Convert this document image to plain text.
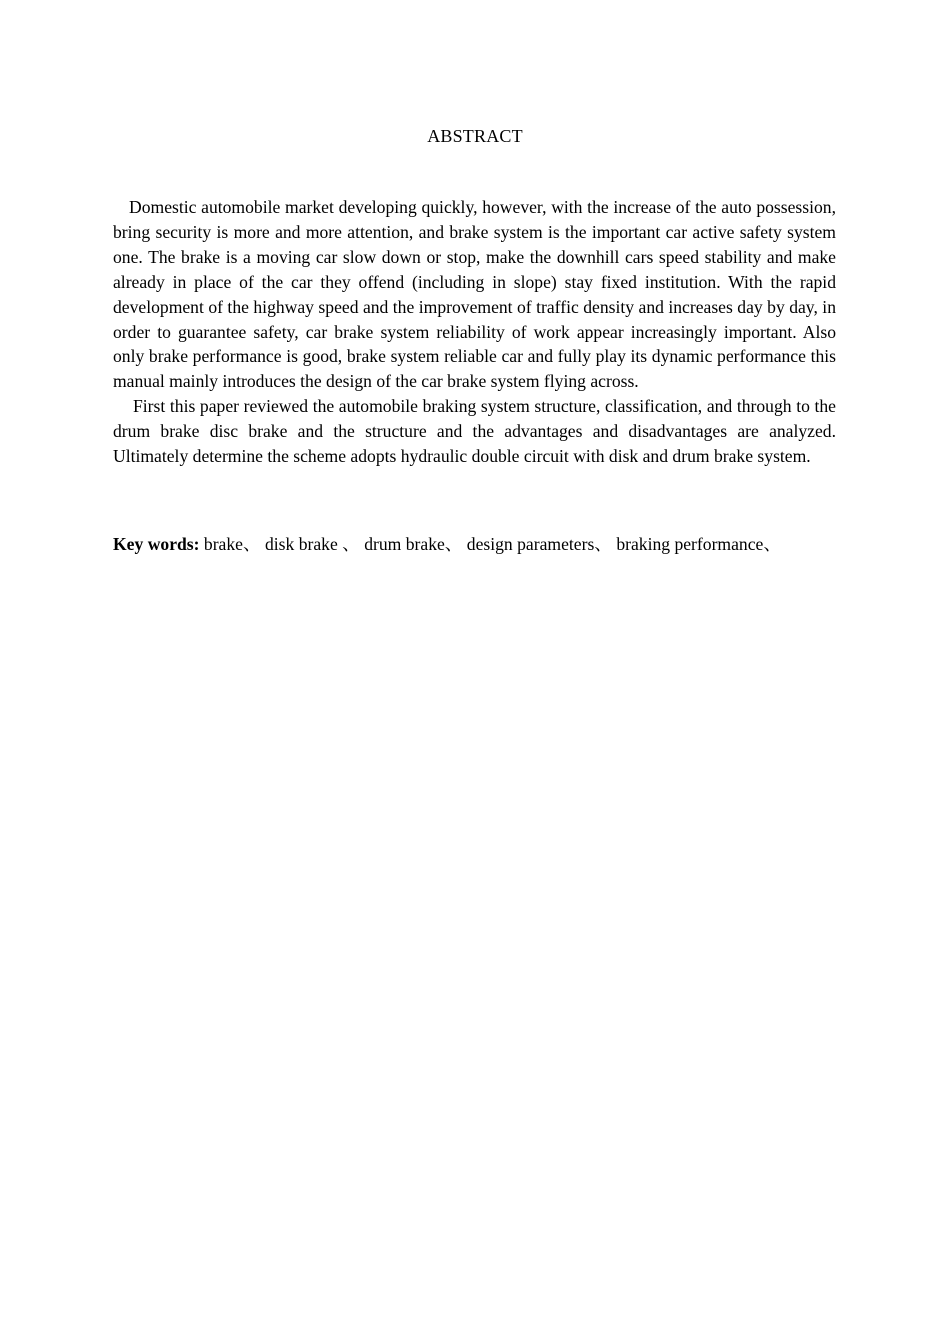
ABSTRACT

Domestic automobile market developing quickly, however, with the increase of the auto possession, bring security is more and more attention, and brake system is the important car active safety system one. The brake is a moving car slow down or stop, make the downhill cars speed stability and make already in place of the car they offend (including in slope) stay fixed institution. With the rapid development of the highway speed and the improvement of traffic density and increases day by day, in order to guarantee safety, car brake system reliability of work appear increasingly important. Also only brake performance is good, brake system reliable car and fully play its dynamic performance this manual mainly introduces the design of the car brake system flying across.

First this paper reviewed the automobile braking system structure, classification, and through to the drum brake disc brake and the structure and the advantages and disadvantages are analyzed. Ultimately determine the scheme adopts hydraulic double circuit with disk and drum brake system.

Key words: brake、 disk brake 、 drum brake、 design parameters、 braking performance、
